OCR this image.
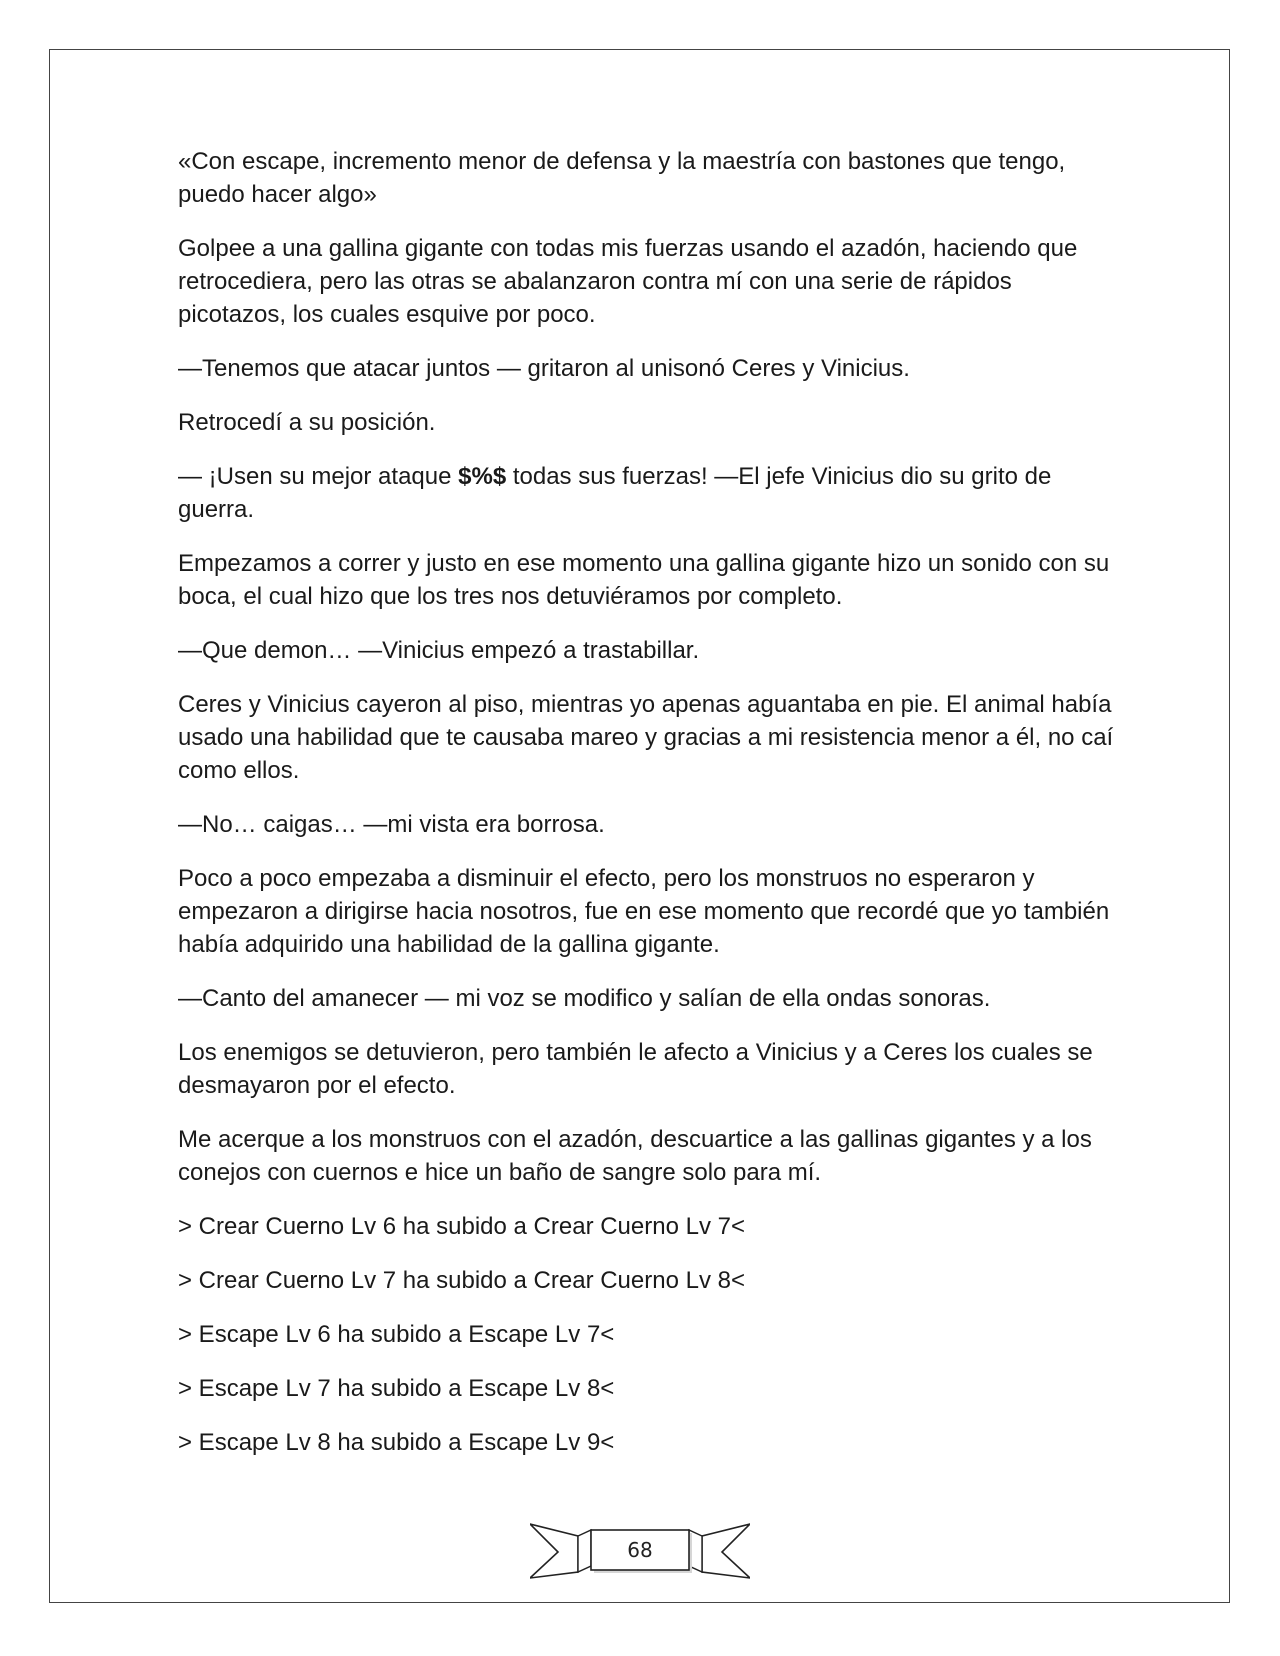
«Con escape, incremento menor de defensa y la maestría con bastones que tengo, puedo hacer algo»

Golpee a una gallina gigante con todas mis fuerzas usando el azadón, haciendo que retrocediera, pero las otras se abalanzaron contra mí con una serie de rápidos picotazos, los cuales esquive por poco.

—Tenemos que atacar juntos — gritaron al unisonó Ceres y Vinicius.

Retrocedí a su posición.

— ¡Usen su mejor ataque $%$ todas sus fuerzas! —El jefe Vinicius dio su grito de guerra.

Empezamos a correr y justo en ese momento una gallina gigante hizo un sonido con su boca, el cual hizo que los tres nos detuviéramos por completo.

—Que demon… —Vinicius empezó a trastabillar.

Ceres y Vinicius cayeron al piso, mientras yo apenas aguantaba en pie. El animal había usado una habilidad que te causaba mareo y gracias a mi resistencia menor a él, no caí como ellos.

—No… caigas… —mi vista era borrosa.

Poco a poco empezaba a disminuir el efecto, pero los monstruos no esperaron y empezaron a dirigirse hacia nosotros, fue en ese momento que recordé que yo también había adquirido una habilidad de la gallina gigante.

—Canto del amanecer — mi voz se modifico y salían de ella ondas sonoras.

Los enemigos se detuvieron, pero también le afecto a Vinicius y a Ceres los cuales se desmayaron por el efecto.

Me acerque a los monstruos con el azadón, descuartice a las gallinas gigantes y a los conejos con cuernos e hice un baño de sangre solo para mí.

> Crear Cuerno Lv 6 ha subido a Crear Cuerno Lv 7<

> Crear Cuerno Lv 7 ha subido a Crear Cuerno Lv 8<

> Escape Lv 6 ha subido a Escape Lv 7<

> Escape Lv 7 ha subido a Escape Lv 8<

> Escape Lv 8 ha subido a Escape Lv 9<

68
